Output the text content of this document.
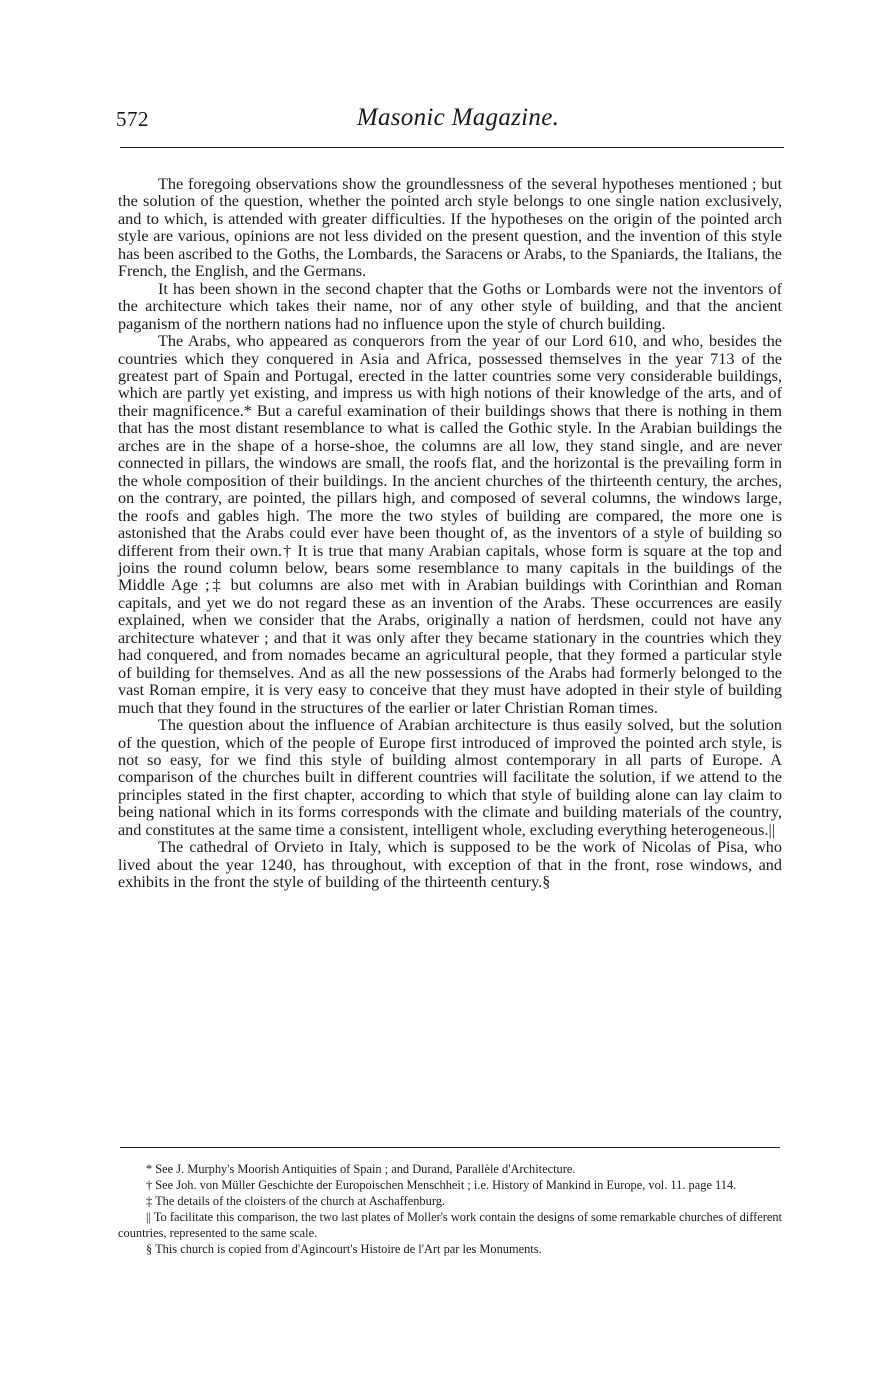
572	Masonic Magazine.

The foregoing observations show the groundlessness of the several hypotheses mentioned ; but the solution of the question, whether the pointed arch style belongs to one single nation exclusively, and to which, is attended with greater difficulties. If the hypotheses on the origin of the pointed arch style are various, opinions are not less divided on the present question, and the invention of this style has been ascribed to the Goths, the Lombards, the Saracens or Arabs, to the Spaniards, the Italians, the French, the English, and the Germans.

It has been shown in the second chapter that the Goths or Lombards were not the inventors of the architecture which takes their name, nor of any other style of building, and that the ancient paganism of the northern nations had no influence upon the style of church building.

The Arabs, who appeared as conquerors from the year of our Lord 610, and who, besides the countries which they conquered in Asia and Africa, possessed themselves in the year 713 of the greatest part of Spain and Portugal, erected in the latter countries some very considerable buildings, which are partly yet existing, and impress us with high notions of their knowledge of the arts, and of their magnificence.* But a careful examination of their buildings shows that there is nothing in them that has the most distant resemblance to what is called the Gothic style. In the Arabian buildings the arches are in the shape of a horse-shoe, the columns are all low, they stand single, and are never connected in pillars, the windows are small, the roofs flat, and the horizontal is the prevailing form in the whole composition of their buildings. In the ancient churches of the thirteenth century, the arches, on the contrary, are pointed, the pillars high, and composed of several columns, the windows large, the roofs and gables high. The more the two styles of building are compared, the more one is astonished that the Arabs could ever have been thought of, as the inventors of a style of building so different from their own.† It is true that many Arabian capitals, whose form is square at the top and joins the round column below, bears some resemblance to many capitals in the buildings of the Middle Age ;‡ but columns are also met with in Arabian buildings with Corinthian and Roman capitals, and yet we do not regard these as an invention of the Arabs. These occurrences are easily explained, when we consider that the Arabs, originally a nation of herdsmen, could not have any architecture whatever ; and that it was only after they became stationary in the countries which they had conquered, and from nomades became an agricultural people, that they formed a particular style of building for themselves. And as all the new possessions of the Arabs had formerly belonged to the vast Roman empire, it is very easy to conceive that they must have adopted in their style of building much that they found in the structures of the earlier or later Christian Roman times.

The question about the influence of Arabian architecture is thus easily solved, but the solution of the question, which of the people of Europe first introduced of improved the pointed arch style, is not so easy, for we find this style of building almost contemporary in all parts of Europe. A comparison of the churches built in different countries will facilitate the solution, if we attend to the principles stated in the first chapter, according to which that style of building alone can lay claim to being national which in its forms corresponds with the climate and building materials of the country, and constitutes at the same time a consistent, intelligent whole, excluding everything heterogeneous.||

The cathedral of Orvieto in Italy, which is supposed to be the work of Nicolas of Pisa, who lived about the year 1240, has throughout, with exception of that in the front, rose windows, and exhibits in the front the style of building of the thirteenth century.§

* See J. Murphy's Moorish Antiquities of Spain ; and Durand, Parallèle d'Architecture.

† See Joh. von Müller Geschichte der Europoischen Menschheit ; i.e. History of Mankind in Europe, vol. 11. page 114.

‡ The details of the cloisters of the church at Aschaffenburg.

|| To facilitate this comparison, the two last plates of Moller's work contain the designs of some remarkable churches of different countries, represented to the same scale.

§ This church is copied from d'Agincourt's Histoire de l'Art par les Monuments.
